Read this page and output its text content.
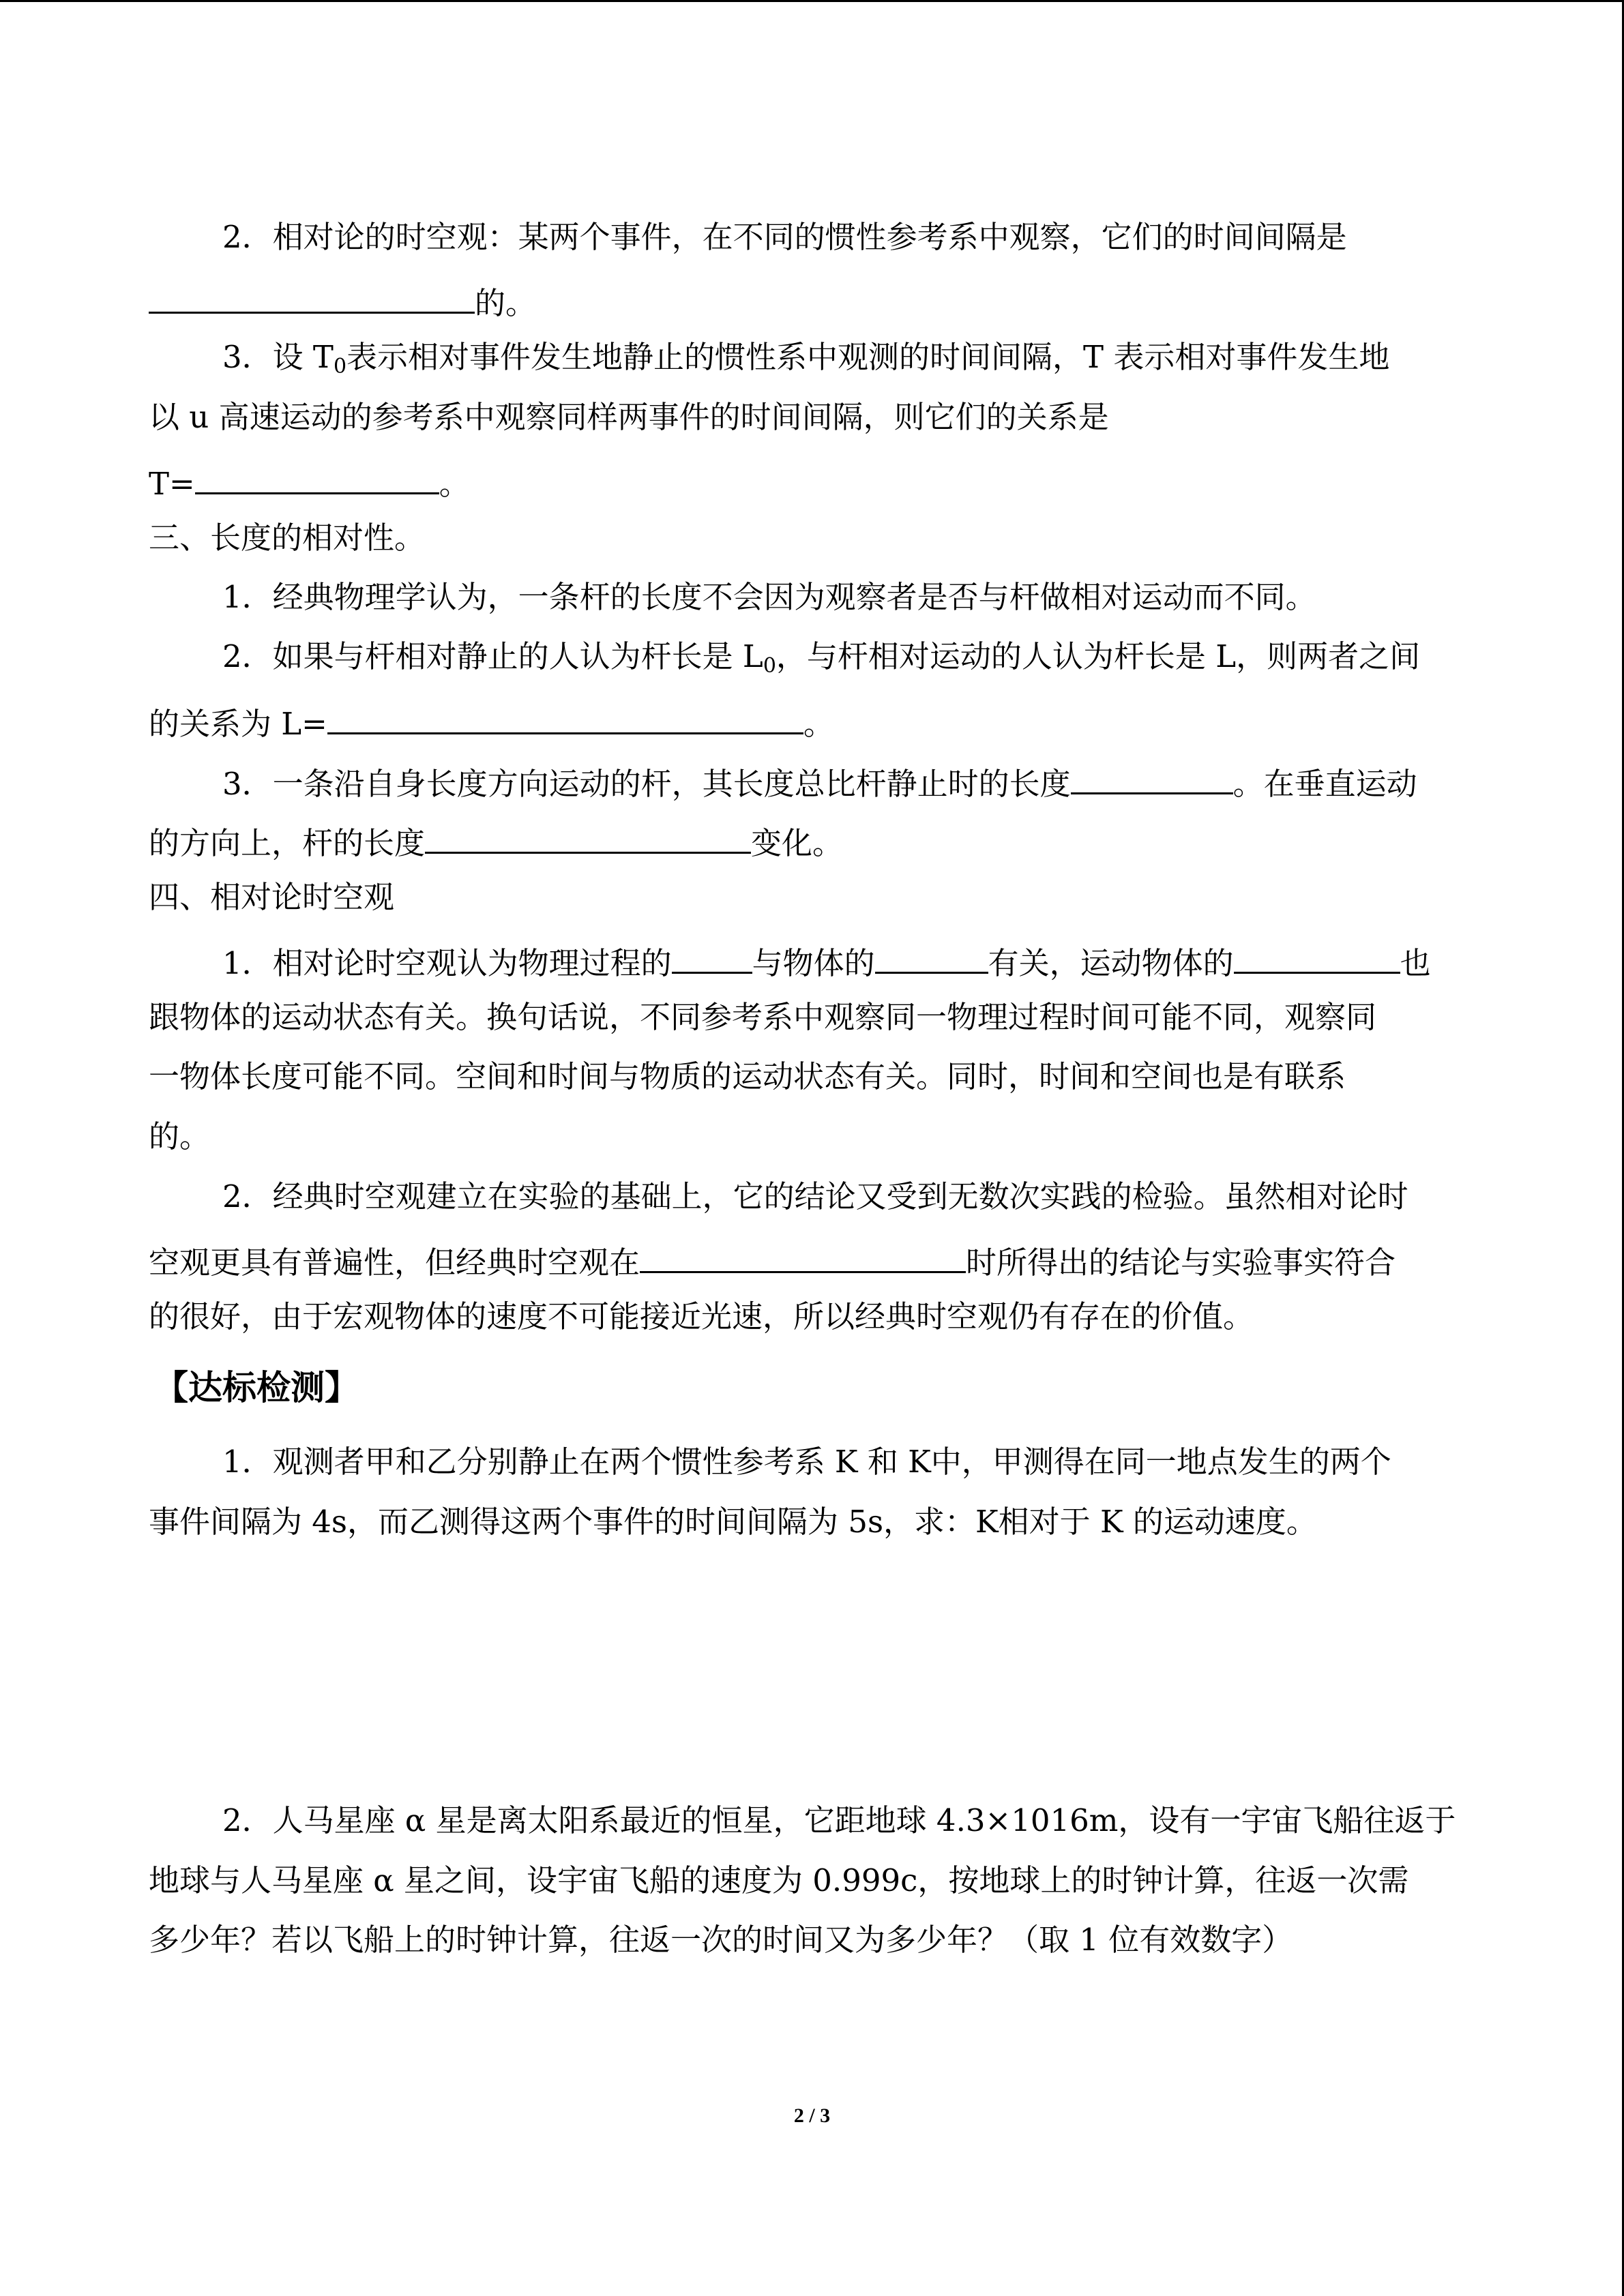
2．相对论的时空观：某两个事件，在不同的惯性参考系中观察，它们的时间间隔是
的。
3．设 $T_0$表示相对事件发生地静止的惯性系中观测的时间间隔，T 表示相对事件发生地
以 u 高速运动的参考系中观察同样两事件的时间间隔，则它们的关系是
T=	。
三、长度的相对性。
1．经典物理学认为，一条杆的长度不会因为观察者是否与杆做相对运动而不同。
2．如果与杆相对静止的人认为杆长是 $L_0$，与杆相对运动的人认为杆长是 L，则两者之间
的关系为 L=	。
3．一条沿自身长度方向运动的杆，其长度总比杆静止时的长度	。在垂直运动
的方向上，杆的长度	变化。
四、相对论时空观
1．相对论时空观认为物理过程的	与物体的	有关，运动物体的	也
跟物体的运动状态有关。换句话说，不同参考系中观察同一物理过程时间可能不同，观察同
一物体长度可能不同。空间和时间与物质的运动状态有关。同时，时间和空间也是有联系
的。
2．经典时空观建立在实验的基础上，它的结论又受到无数次实践的检验。虽然相对论时
空观更具有普遍性，但经典时空观在	时所得出的结论与实验事实符合
的很好，由于宏观物体的速度不可能接近光速，所以经典时空观仍有存在的价值。
【达标检测】
1．观测者甲和乙分别静止在两个惯性参考系 K 和 K中，甲测得在同一地点发生的两个
事件间隔为 4s，而乙测得这两个事件的时间间隔为 5s，求：K相对于 K 的运动速度。
2．人马星座 α 星是离太阳系最近的恒星，它距地球 4.3×1016m，设有一宇宙飞船往返于
地球与人马星座 α 星之间，设宇宙飞船的速度为 0.999c，按地球上的时钟计算，往返一次需
多少年？若以飞船上的时钟计算，往返一次的时间又为多少年？（取 1 位有效数字）
2 / 3
